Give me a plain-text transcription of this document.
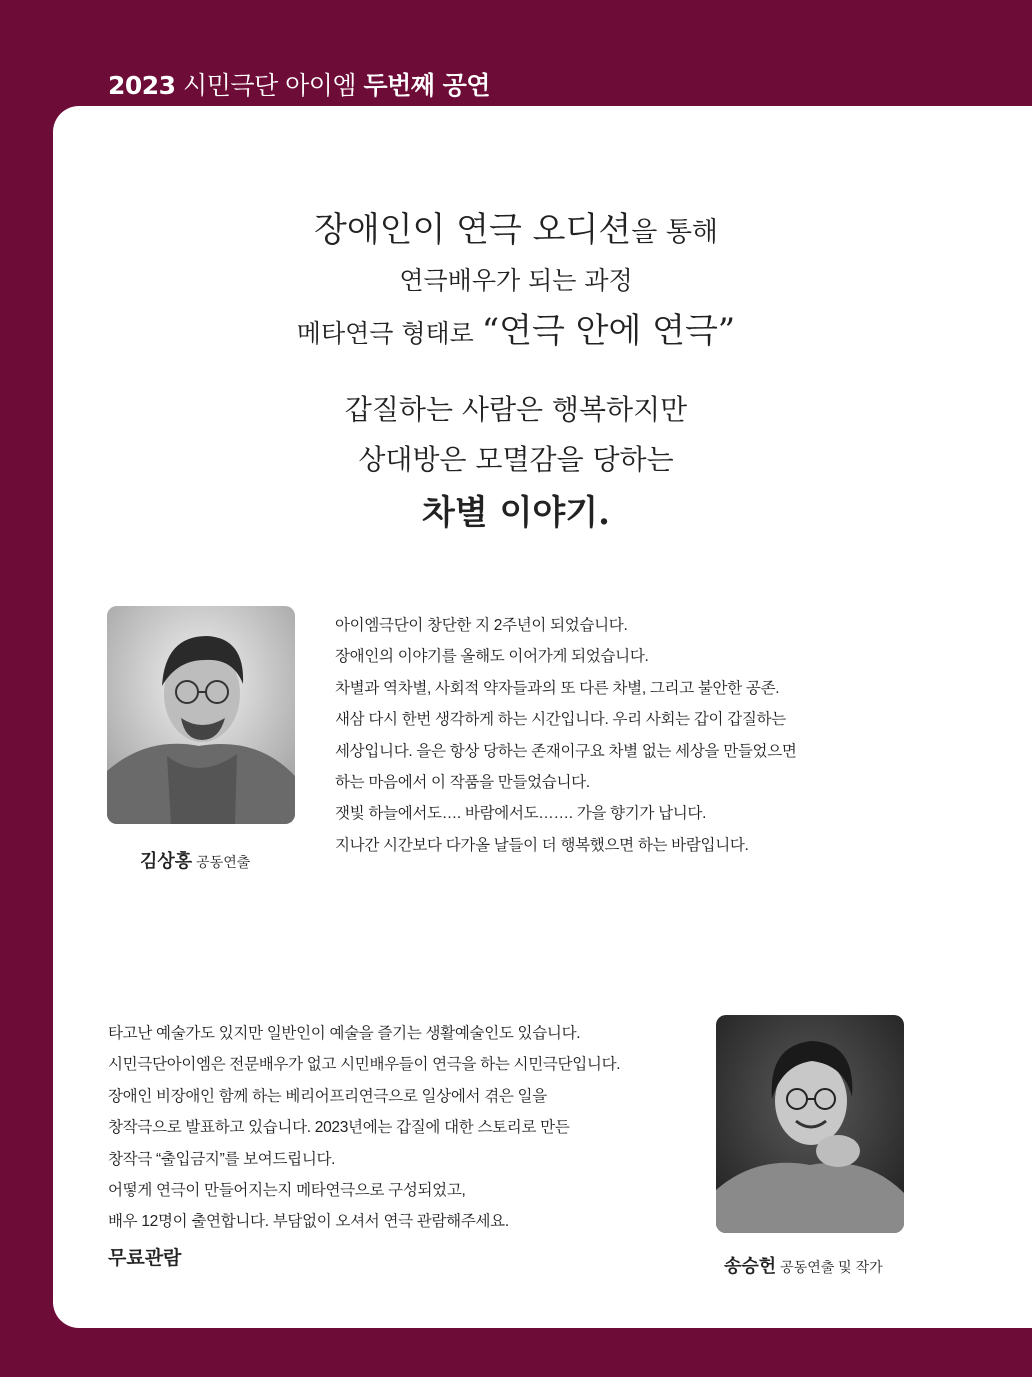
2023 시민극단 아이엠 두번째 공연
장애인이 연극 오디션을 통해
연극배우가 되는 과정
메타연극 형태로 “연극 안에 연극”
갑질하는 사람은 행복하지만
상대방은 모멸감을 당하는
차별 이야기.
김상홍 공동연출
아이엠극단이 창단한 지 2주년이 되었습니다.
장애인의 이야기를 올해도 이어가게 되었습니다.
차별과 역차별, 사회적 약자들과의 또 다른 차별, 그리고 불안한 공존.
새삼 다시 한번 생각하게 하는 시간입니다. 우리 사회는 갑이 갑질하는
세상입니다. 을은 항상 당하는 존재이구요 차별 없는 세상을 만들었으면
하는 마음에서 이 작품을 만들었습니다.
잿빛 하늘에서도…. 바람에서도……. 가을 향기가 납니다.
지나간 시간보다 다가올 날들이 더 행복했으면 하는 바람입니다.
타고난 예술가도 있지만 일반인이 예술을 즐기는 생활예술인도 있습니다.
시민극단아이엠은 전문배우가 없고 시민배우들이 연극을 하는 시민극단입니다.
장애인 비장애인 함께 하는 베리어프리연극으로 일상에서 겪은 일을
창작극으로 발표하고 있습니다. 2023년에는 갑질에 대한 스토리로 만든
창작극 “출입금지”를 보여드립니다.
어떻게 연극이 만들어지는지 메타연극으로 구성되었고,
배우 12명이 출연합니다. 부담없이 오셔서 연극 관람해주세요.
무료관람	송승헌 공동연출 및 작가
